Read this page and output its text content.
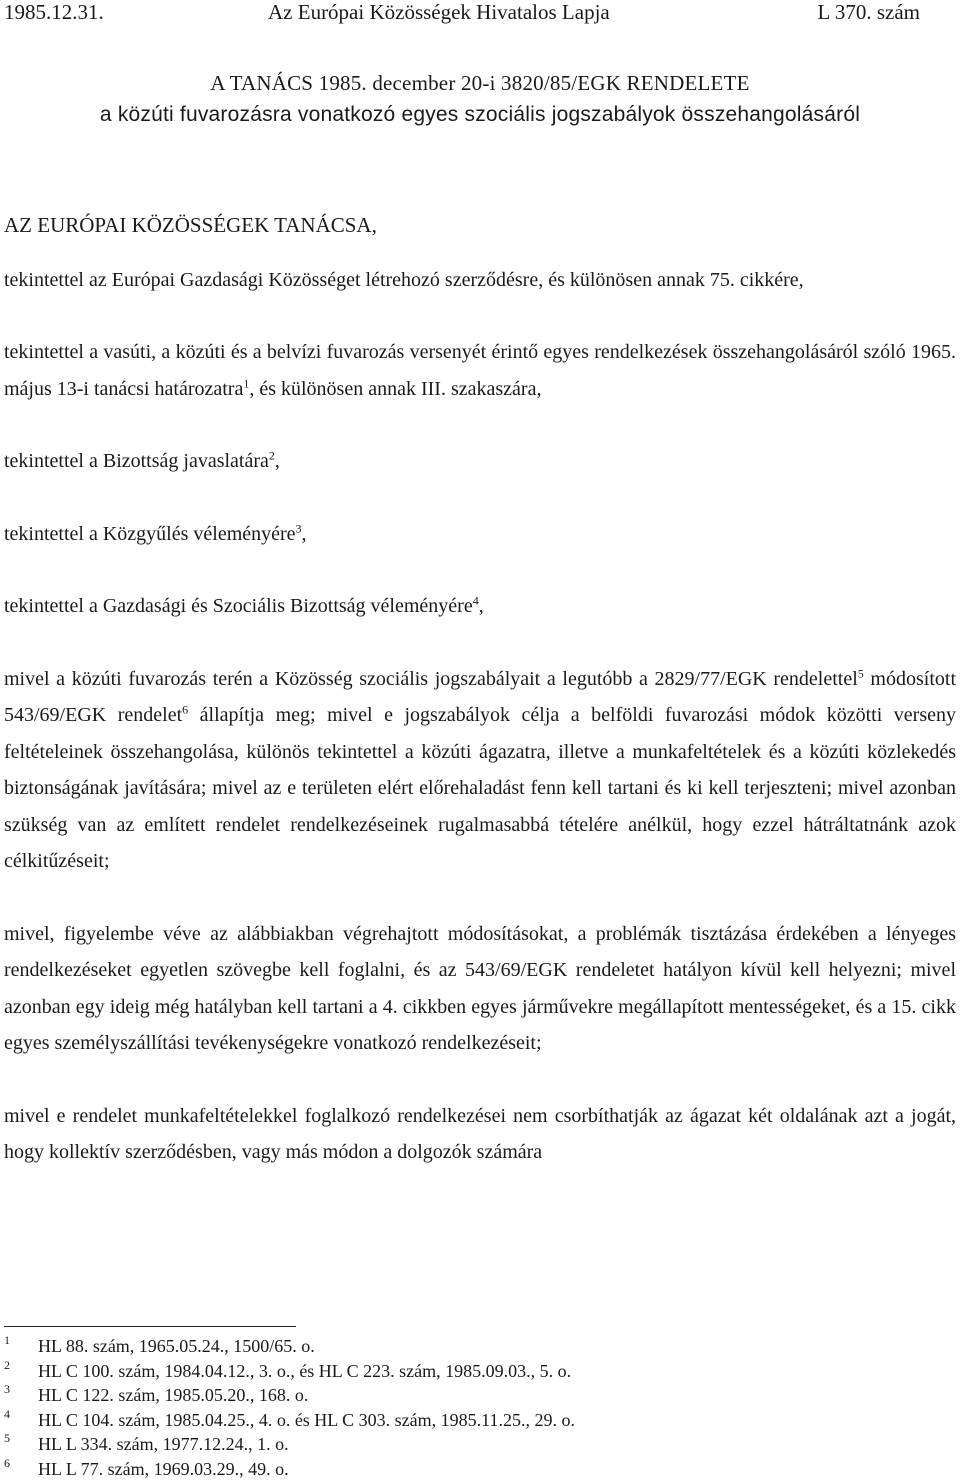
1985.12.31.	Az Európai Közösségek Hivatalos Lapja	L 370. szám
A TANÁCS 1985. december 20-i 3820/85/EGK RENDELETE
a közúti fuvarozásra vonatkozó egyes szociális jogszabályok összehangolásáról

AZ EURÓPAI KÖZÖSSÉGEK TANÁCSA,

tekintettel az Európai Gazdasági Közösséget létrehozó szerződésre, és különösen annak 75. cikkére,

tekintettel a vasúti, a közúti és a belvízi fuvarozás versenyét érintő egyes rendelkezések összehangolásáról szóló 1965. május 13-i tanácsi határozatra$^1$, és különösen annak III. szakaszára,

tekintettel a Bizottság javaslatára$^2$,

tekintettel a Közgyűlés véleményére$^3$,

tekintettel a Gazdasági és Szociális Bizottság véleményére$^4$,

mivel a közúti fuvarozás terén a Közösség szociális jogszabályait a legutóbb a 2829/77/EGK rendelettel$^5$ módosított 543/69/EGK rendelet$^6$ állapítja meg; mivel e jogszabályok célja a belföldi fuvarozási módok közötti verseny feltételeinek összehangolása, különös tekintettel a közúti ágazatra, illetve a munkafeltételek és a közúti közlekedés biztonságának javítására; mivel az e területen elért előrehaladást fenn kell tartani és ki kell terjeszteni; mivel azonban szükség van az említett rendelet rendelkezéseinek rugalmasabbá tételére anélkül, hogy ezzel hátráltatnánk azok célkitűzéseit;

mivel, figyelembe véve az alábbiakban végrehajtott módosításokat, a problémák tisztázása érdekében a lényeges rendelkezéseket egyetlen szövegbe kell foglalni, és az 543/69/EGK rendeletet hatályon kívül kell helyezni; mivel azonban egy ideig még hatályban kell tartani a 4. cikkben egyes járművekre megállapított mentességeket, és a 15. cikk egyes személyszállítási tevékenységekre vonatkozó rendelkezéseit;

mivel e rendelet munkafeltételekkel foglalkozó rendelkezései nem csorbíthatják az ágazat két oldalának azt a jogát, hogy kollektív szerződésben, vagy más módon a dolgozók számára

1 HL 88. szám, 1965.05.24., 1500/65. o.
2 HL C 100. szám, 1984.04.12., 3. o., és HL C 223. szám, 1985.09.03., 5. o.
3 HL C 122. szám, 1985.05.20., 168. o.
4 HL C 104. szám, 1985.04.25., 4. o. és HL C 303. szám, 1985.11.25., 29. o.
5 HL L 334. szám, 1977.12.24., 1. o.
6 HL L 77. szám, 1969.03.29., 49. o.
